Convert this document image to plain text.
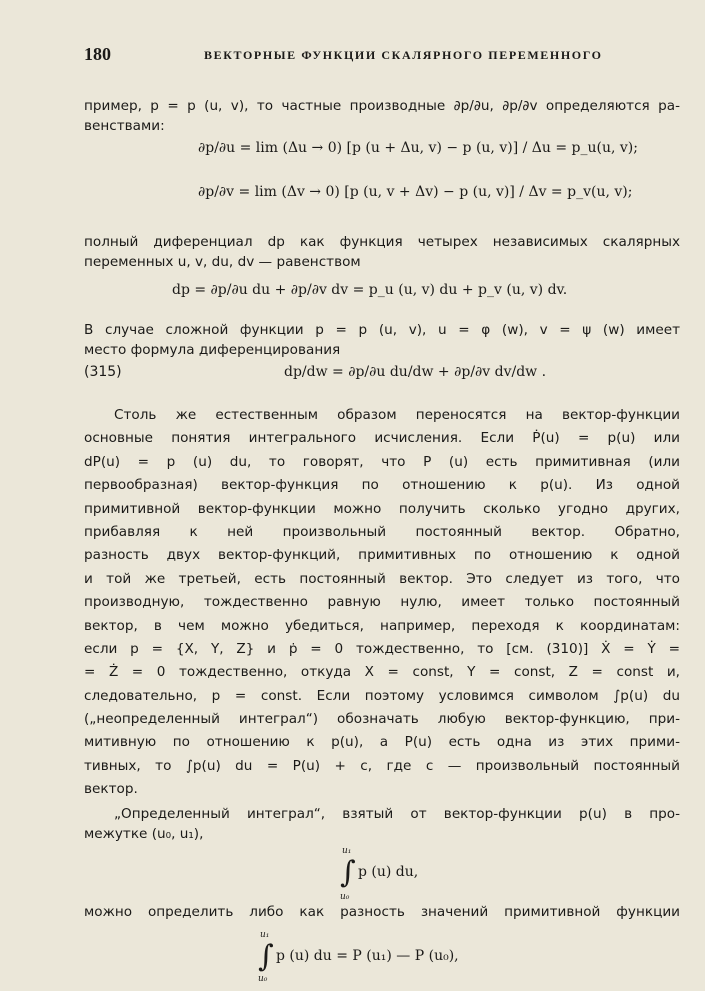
180	ВЕКТОРНЫЕ ФУНКЦИИ СКАЛЯРНОГО ПЕРЕМЕННОГО
пример, p = p (u, v), то частные производные ∂p/∂u, ∂p/∂v определяются ра-
венствами:
∂p/∂u = lim (Δu → 0) [p (u + Δu, v) − p (u, v)] / Δu = p_u(u, v);
∂p/∂v = lim (Δv → 0) [p (u, v + Δv) − p (u, v)] / Δv = p_v(u, v);
полный диференциал dp как функция четырех независимых скалярных
переменных u, v, du, dv — равенством
dp = ∂p/∂u du + ∂p/∂v dv = p_u (u, v) du + p_v (u, v) dv.
В случае сложной функции p = p (u, v), u = φ (w), v = ψ (w) имеет
место формула диференцирования
(315)	dp/dw = ∂p/∂u du/dw + ∂p/∂v dv/dw .
Столь же естественным образом переносятся на вектор-функции
основные понятия интегрального исчисления. Если Ṗ(u) = p(u) или
dP(u) = p (u) du, то говорят, что P (u) есть примитивная (или
первообразная) вектор-функция по отношению к p(u). Из одной
примитивной вектор-функции можно получить сколько угодно других,
прибавляя к ней произвольный постоянный вектор. Обратно,
разность двух вектор-функций, примитивных по отношению к одной
и той же третьей, есть постоянный вектор. Это следует из того, что
производную, тождественно равную нулю, имеет только постоянный
вектор, в чем можно убедиться, например, переходя к координатам:
если p = {X, Y, Z} и ṗ = 0 тождественно, то [см. (310)] Ẋ = Ẏ =
= Ż = 0 тождественно, откуда X = const, Y = const, Z = const и,
следовательно, p = const. Если поэтому условимся символом ∫p(u) du
(„неопределенный интеграл“) обозначать любую вектор-функцию, при-
митивную по отношению к p(u), а P(u) есть одна из этих прими-
тивных, то ∫p(u) du = P(u) + c, где c — произвольный постоянный
вектор.
„Определенный интеграл“, взятый от вектор-функции p(u) в про-
межутке (u₀, u₁),
u₁
∫ p (u) du,
u₀
можно определить либо как разность значений примитивной функции
u₁
∫ p (u) du = P (u₁) — P (u₀),
u₀
